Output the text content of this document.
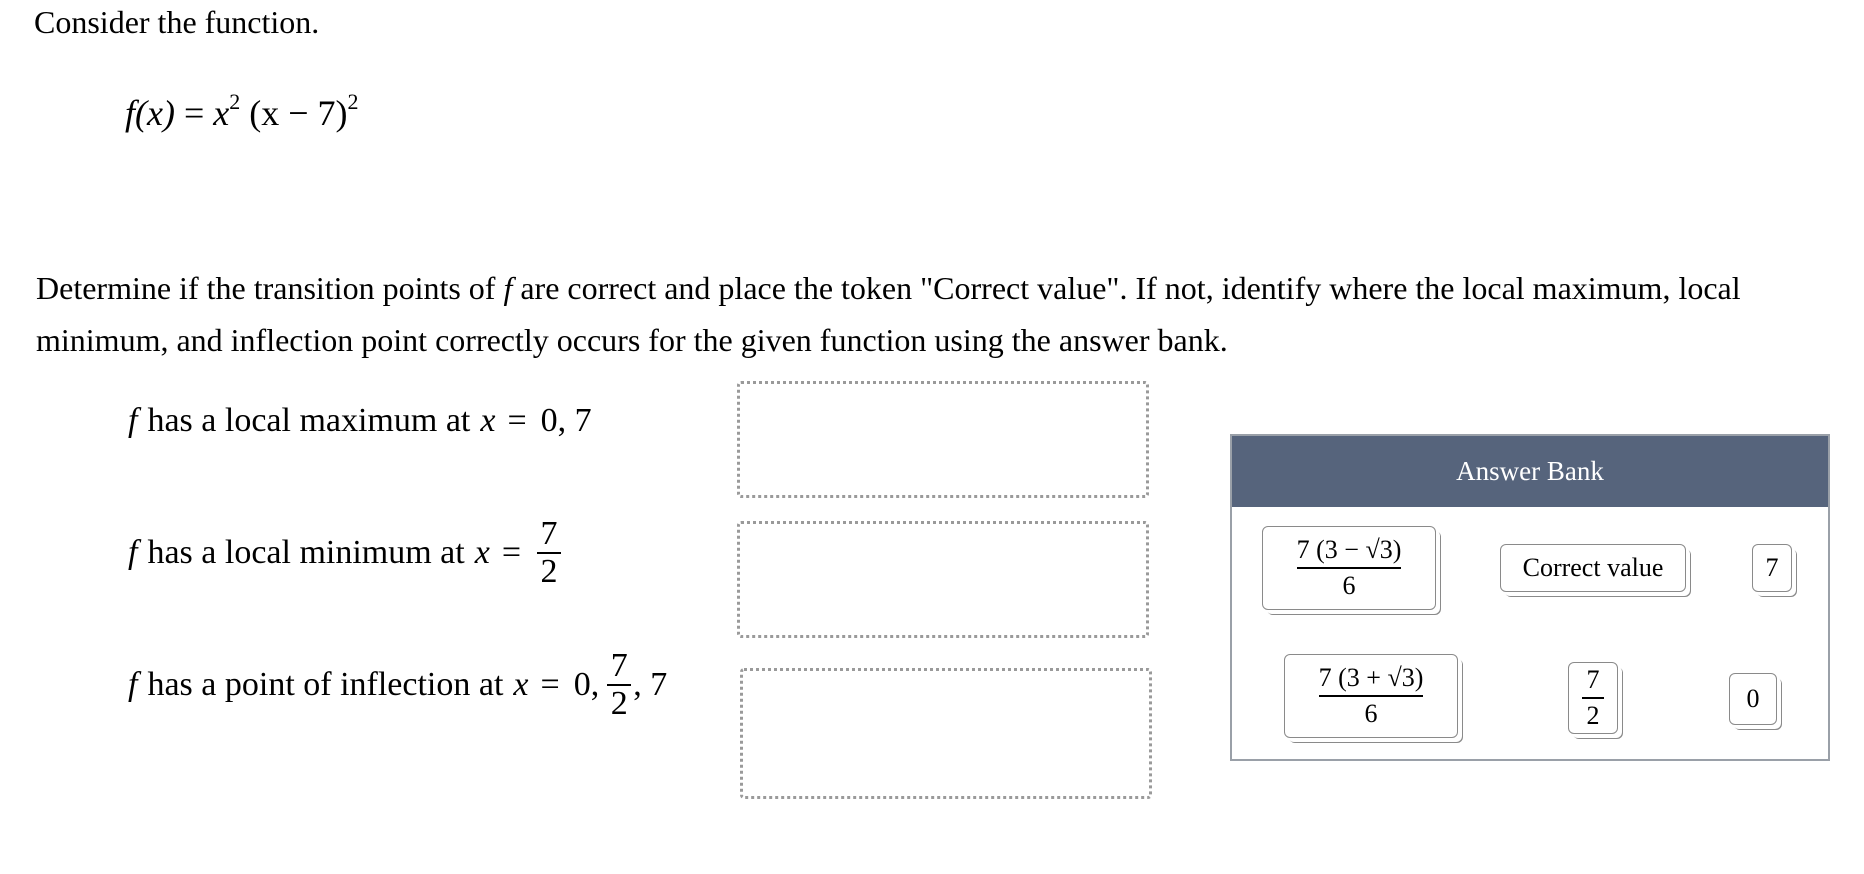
Consider the function.
$f(x) = x^2$ $(x - 7)^2$
Determine if the transition points of f are correct and place the token "Correct value". If not, identify where the local maximum, local minimum, and inflection point correctly occurs for the given function using the answer bank.
f has a local maximum at x = 0, 7
f has a local minimum at $x = \frac{7}{2}$
f has a point of inflection at x = 0, $\frac{7}{2}$ , 7
Answer Bank
$\frac{7 (3 - √3)}{6}$	Correct value	7
$\frac{7 (3 + √3)}{6}$	$\frac{7}{2}$	0
